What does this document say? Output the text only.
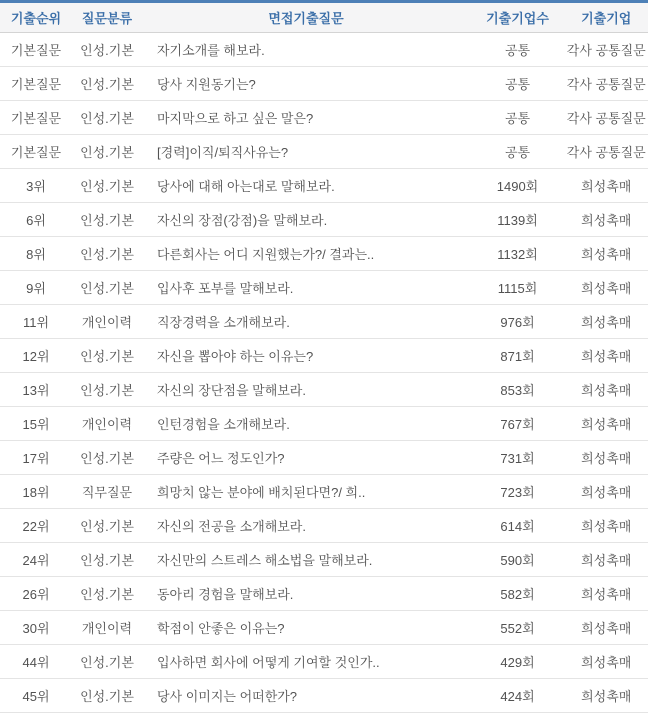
기출순위	질문분류	면접기출질문	기출기업수	기출기업
기본질문	인성.기본	자기소개를 해보라.	공통	각사 공통질문
기본질문	인성.기본	당사 지원동기는?	공통	각사 공통질문
기본질문	인성.기본	마지막으로 하고 싶은 말은?	공통	각사 공통질문
기본질문	인성.기본	[경력]이직/퇴직사유는?	공통	각사 공통질문
3위	인성.기본	당사에 대해 아는대로 말해보라.	1490회	희성촉매
6위	인성.기본	자신의 장점(강점)을 말해보라.	1139회	희성촉매
8위	인성.기본	다른회사는 어디 지원했는가?/ 결과는..	1132회	희성촉매
9위	인성.기본	입사후 포부를 말해보라.	1115회	희성촉매
11위	개인이력	직장경력을 소개해보라.	976회	희성촉매
12위	인성.기본	자신을 뽑아야 하는 이유는?	871회	희성촉매
13위	인성.기본	자신의 장단점을 말해보라.	853회	희성촉매
15위	개인이력	인턴경험을 소개해보라.	767회	희성촉매
17위	인성.기본	주량은 어느 정도인가?	731회	희성촉매
18위	직무질문	희망치 않는 분야에 배치된다면?/ 희..	723회	희성촉매
22위	인성.기본	자신의 전공을 소개해보라.	614회	희성촉매
24위	인성.기본	자신만의 스트레스 해소법을 말해보라.	590회	희성촉매
26위	인성.기본	동아리 경험을 말해보라.	582회	희성촉매
30위	개인이력	학점이 안좋은 이유는?	552회	희성촉매
44위	인성.기본	입사하면 회사에 어떻게 기여할 것인가..	429회	희성촉매
45위	인성.기본	당사 이미지는 어떠한가?	424회	희성촉매
